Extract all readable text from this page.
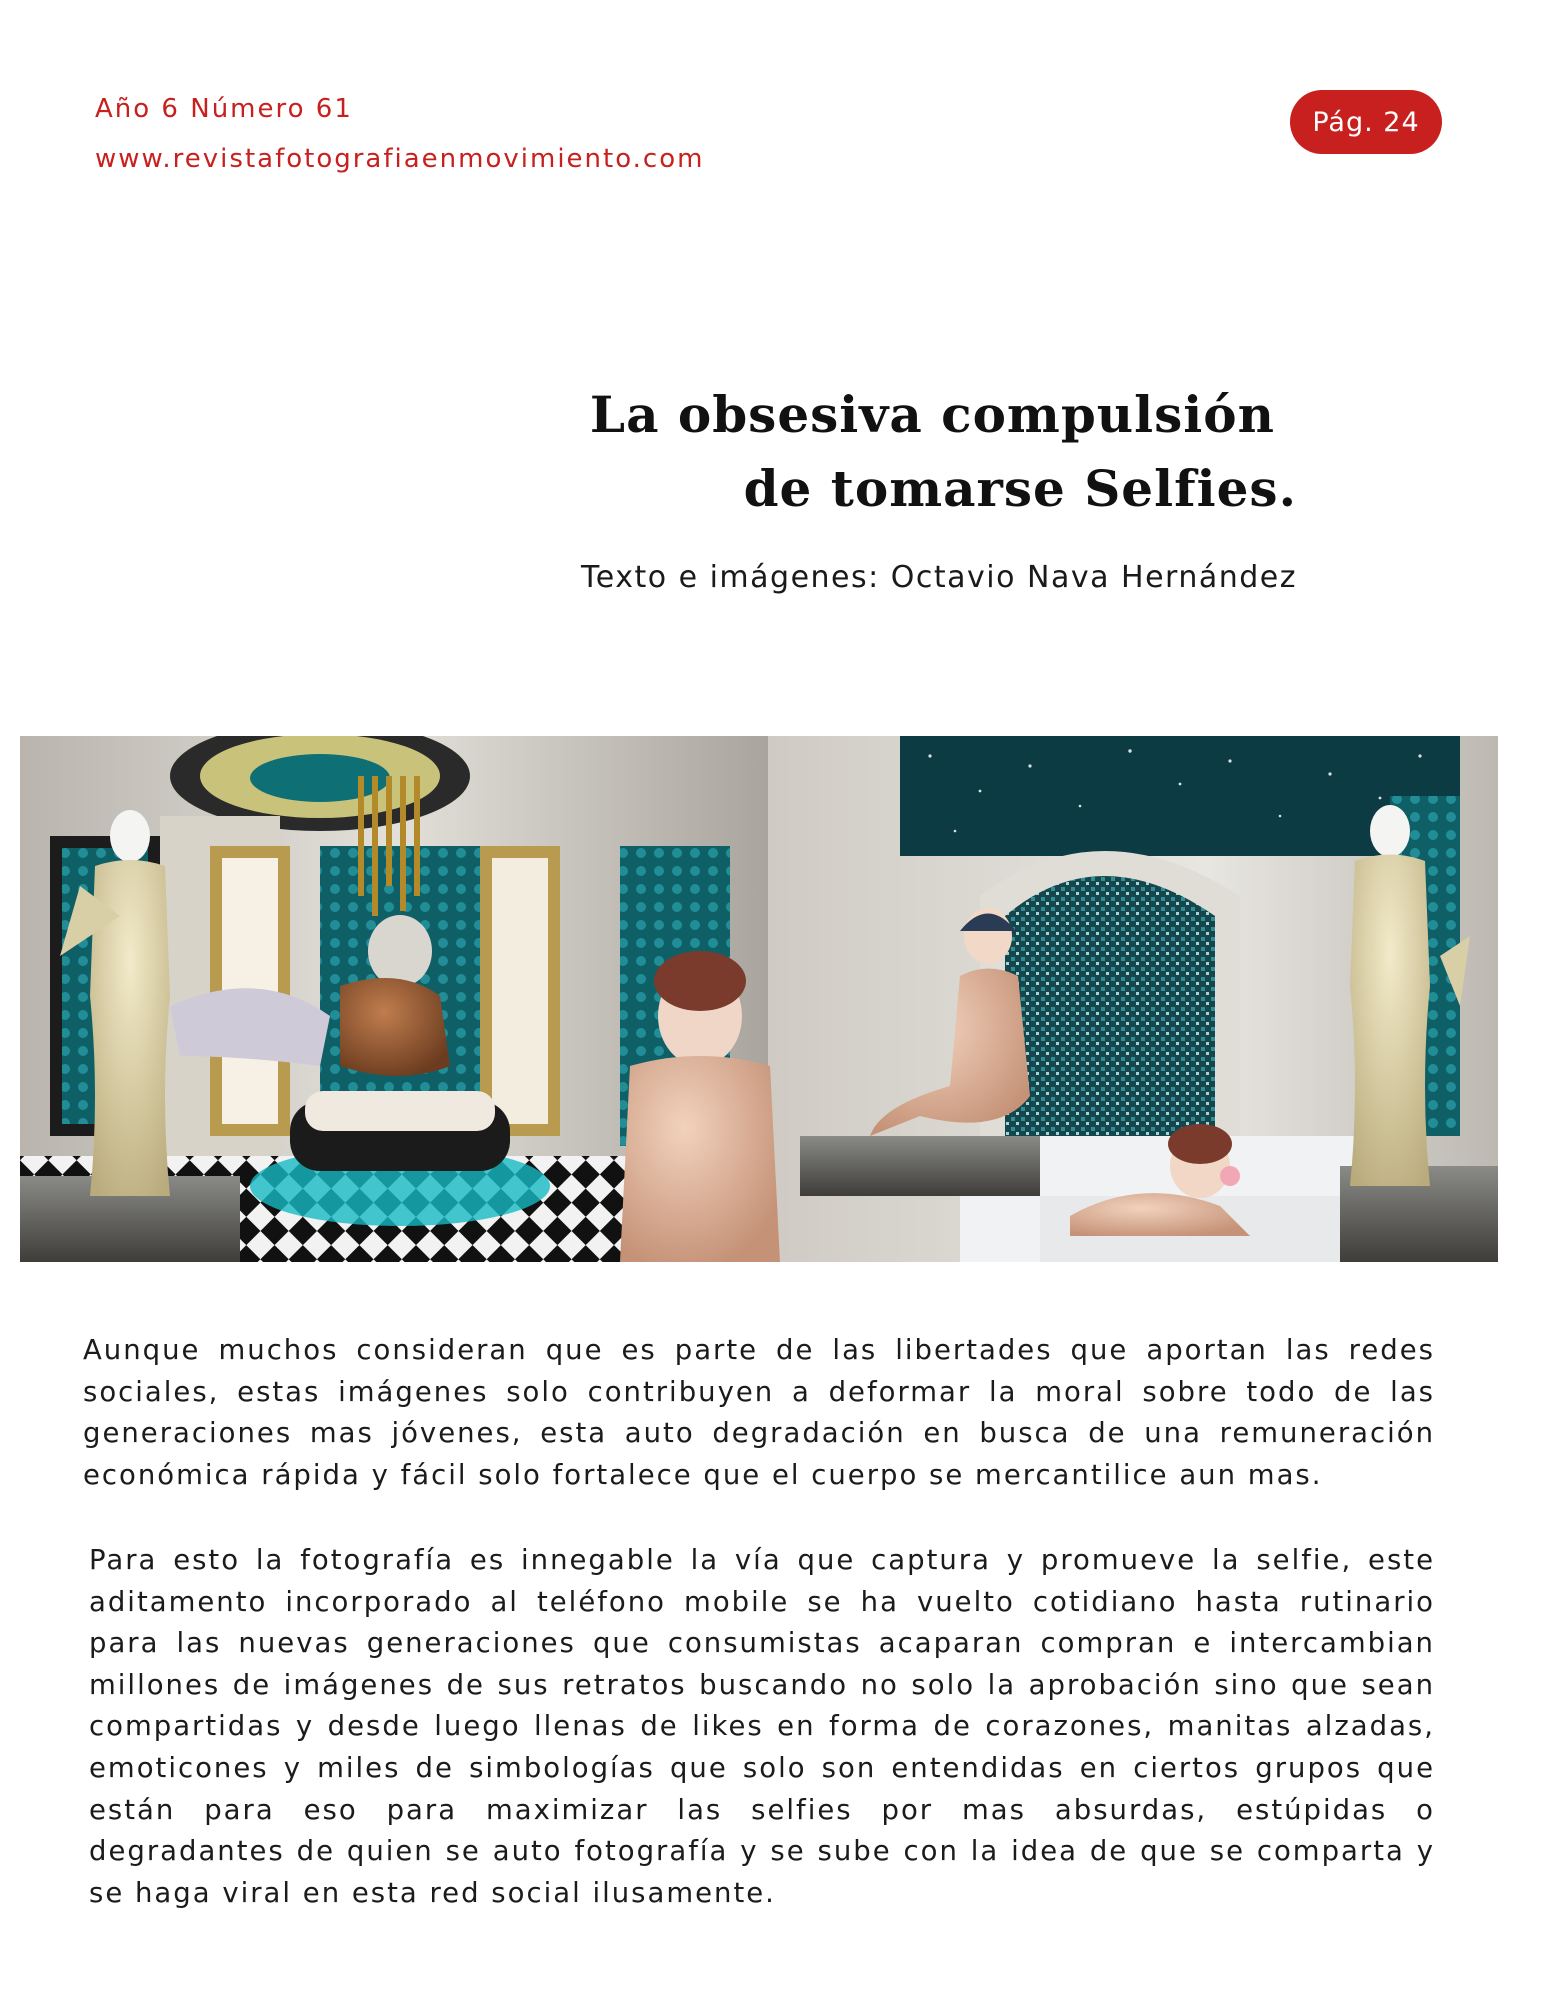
Año 6 Número 61
www.revistafotografiaenmovimiento.com
Pág. 24
La obsesiva compulsión
de tomarse Selfies.
Texto e imágenes: Octavio Nava Hernández
Aunque muchos consideran que es parte de las libertades que aportan las redes sociales, estas imágenes solo contribuyen a deformar la moral sobre todo de las generaciones mas jóvenes, esta auto degradación en busca de una remuneración económica rápida y fácil solo fortalece que el cuerpo se mercantilice aun mas.
Para esto la fotografía es innegable la vía que captura y promueve la selfie, este aditamento incorporado al teléfono mobile se ha vuelto cotidiano hasta rutinario para las nuevas generaciones que consumistas acaparan compran e intercambian millones de imágenes de sus retratos buscando no solo la aprobación sino que sean compartidas y desde luego llenas de likes en forma de corazones, manitas alzadas, emoticones y miles de simbologías que solo son entendidas en ciertos grupos que están para eso para maximizar las selfies por mas absurdas, estúpidas o degradantes de quien se auto fotografía y se sube con la idea de que se comparta y se haga viral en esta red social ilusamente.
